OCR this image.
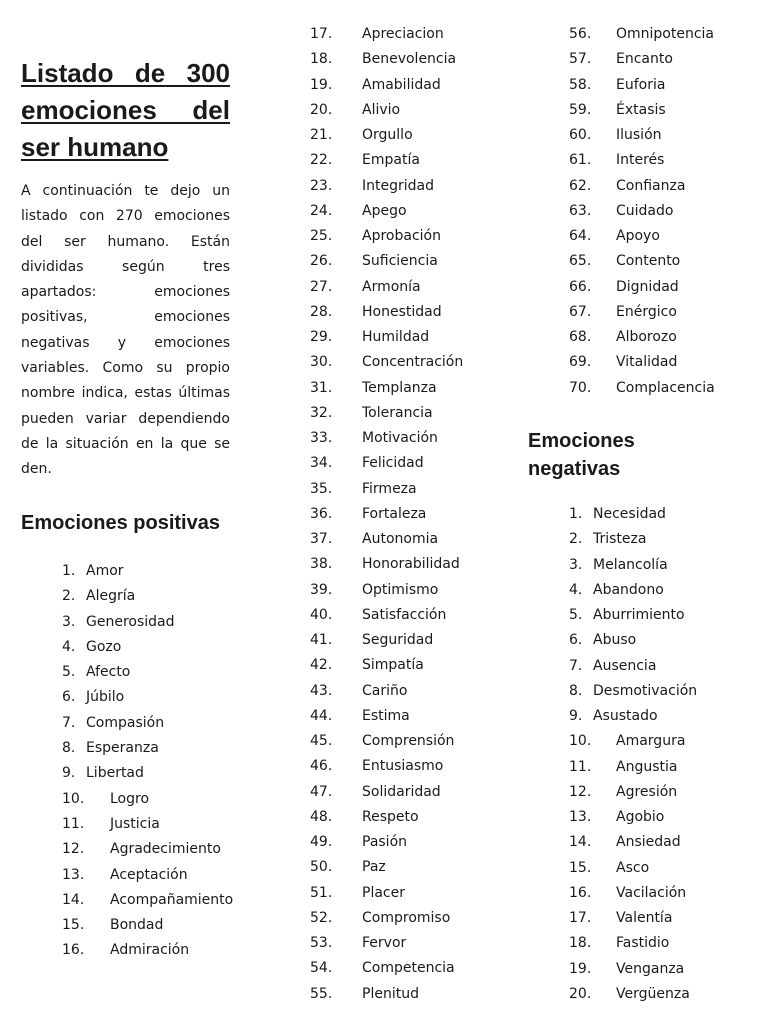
Listado de 300 emociones del ser humano

A continuación te dejo un listado con 270 emociones del ser humano. Están divididas según tres apartados: emociones positivas, emociones negativas y emociones variables. Como su propio nombre indica, estas últimas pueden variar dependiendo de la situación en la que se den.

Emociones positivas
1. Amor
2. Alegría
3. Generosidad
4. Gozo
5. Afecto
6. Júbilo
7. Compasión
8. Esperanza
9. Libertad
10. Logro
11. Justicia
12. Agradecimiento
13. Aceptación
14. Acompañamiento
15. Bondad
16. Admiración
17. Apreciacion
18. Benevolencia
19. Amabilidad
20. Alivio
21. Orgullo
22. Empatía
23. Integridad
24. Apego
25. Aprobación
26. Suficiencia
27. Armonía
28. Honestidad
29. Humildad
30. Concentración
31. Templanza
32. Tolerancia
33. Motivación
34. Felicidad
35. Firmeza
36. Fortaleza
37. Autonomia
38. Honorabilidad
39. Optimismo
40. Satisfacción
41. Seguridad
42. Simpatía
43. Cariño
44. Estima
45. Comprensión
46. Entusiasmo
47. Solidaridad
48. Respeto
49. Pasión
50. Paz
51. Placer
52. Compromiso
53. Fervor
54. Competencia
55. Plenitud
56. Omnipotencia
57. Encanto
58. Euforia
59. Éxtasis
60. Ilusión
61. Interés
62. Confianza
63. Cuidado
64. Apoyo
65. Contento
66. Dignidad
67. Enérgico
68. Alborozo
69. Vitalidad
70. Complacencia
Emociones negativas
1. Necesidad
2. Tristeza
3. Melancolía
4. Abandono
5. Aburrimiento
6. Abuso
7. Ausencia
8. Desmotivación
9. Asustado
10. Amargura
11. Angustia
12. Agresión
13. Agobio
14. Ansiedad
15. Asco
16. Vacilación
17. Valentía
18. Fastidio
19. Venganza
20. Vergüenza
